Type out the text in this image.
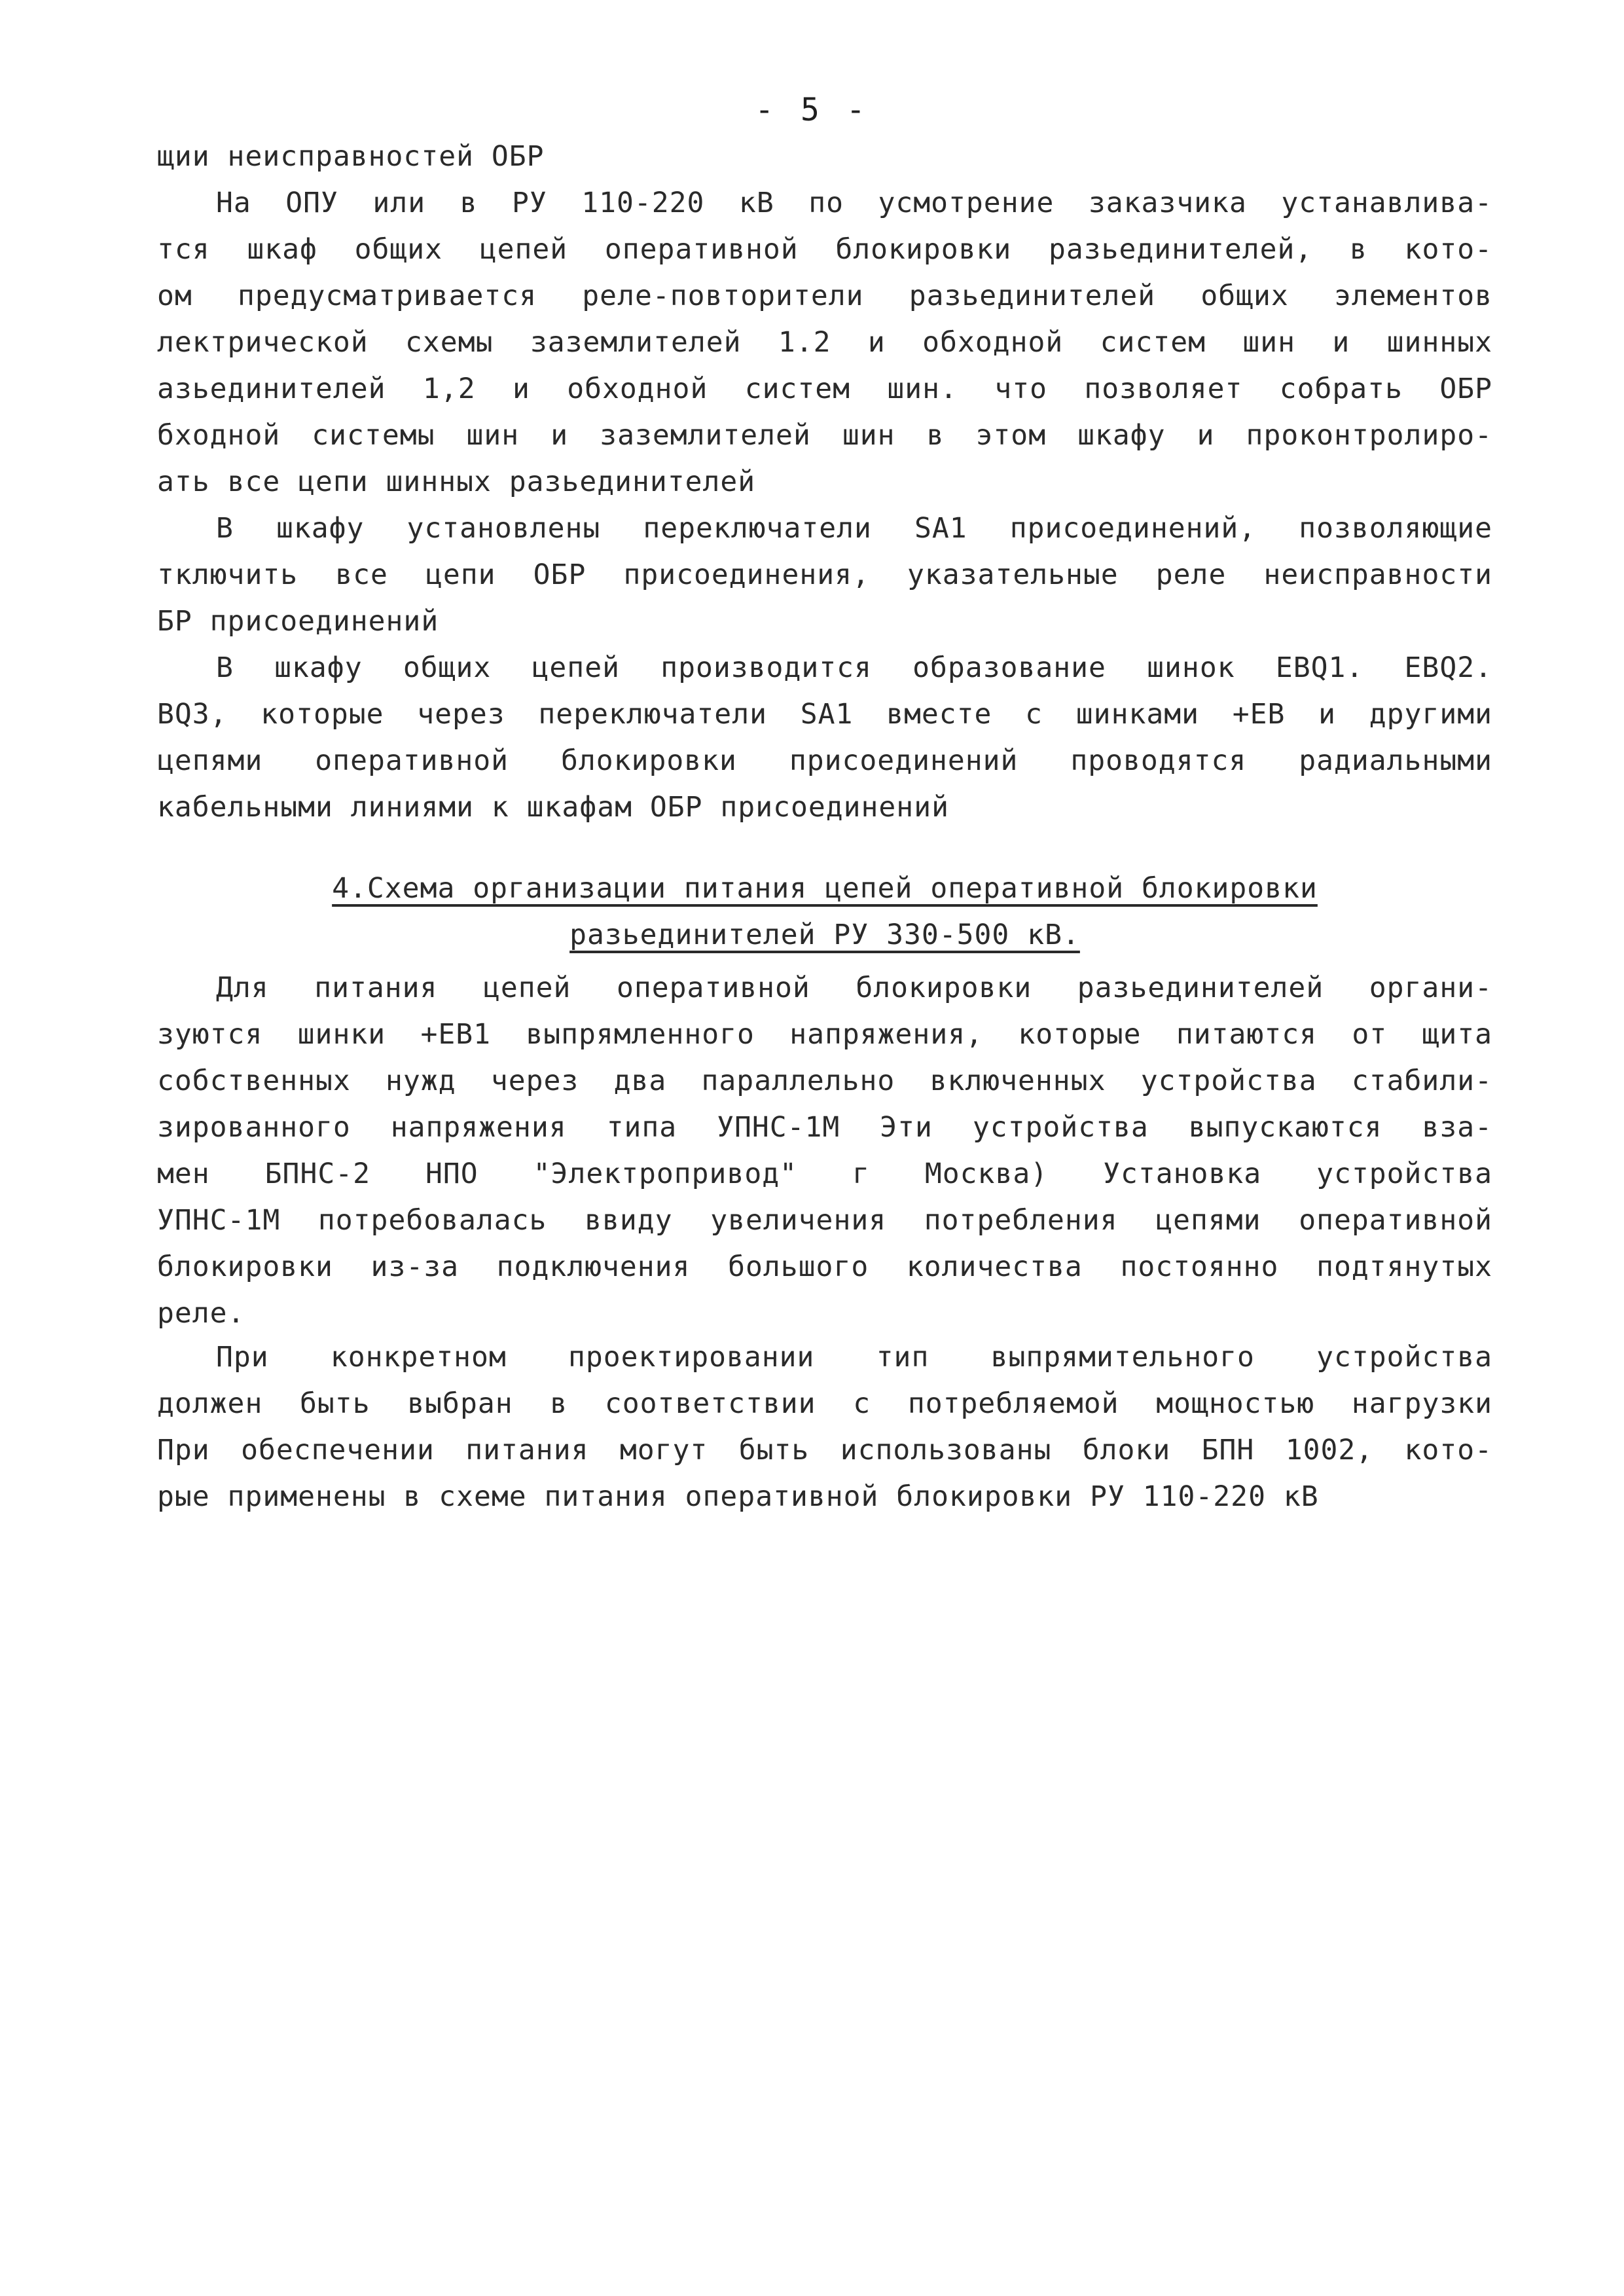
- 5 -
щии неисправностей ОБР
На ОПУ или в РУ 110-220 кВ по усмотрение заказчика устанавлива-
тся шкаф общих цепей оперативной блокировки разьединителей, в кото-
ом предусматривается реле-повторители разьединителей общих элементов
лектрической схемы заземлителей 1.2 и обходной систем шин и шинных
азьединителей 1,2 и обходной систем шин. что позволяет собрать ОБР
бходной системы шин и заземлителей шин в этом шкафу и проконтролиро-
ать все цепи шинных разьединителей
В шкафу установлены переключатели SA1 присоединений, позволяющие
тключить все цепи ОБР присоединения, указательные реле неисправности
БР присоединений
В шкафу общих цепей производится образование шинок EBQ1. EBQ2.
BQ3, которые через переключатели SA1 вместе с шинками +EB и другими
цепями оперативной блокировки присоединений проводятся радиальными
кабельными линиями к шкафам ОБР присоединений
4.Схема организации питания цепей оперативной блокировки
разьединителей РУ 330-500 кВ.
Для питания цепей оперативной блокировки разьединителей органи-
зуются шинки +EB1 выпрямленного напряжения, которые питаются от щита
собственных нужд через два параллельно включенных устройства стабили-
зированного напряжения типа УПНС-1М Эти устройства выпускаются вза-
мен БПНС-2 НПО "Электропривод" г Москва) Установка устройства
УПНС-1М потребовалась ввиду увеличения потребления цепями оперативной
блокировки из-за подключения большого количества постоянно подтянутых
реле.
При конкретном проектировании тип выпрямительного устройства
должен быть выбран в соответствии с потребляемой мощностью нагрузки
При обеспечении питания могут быть использованы блоки БПН 1002, кото-
рые применены в схеме питания оперативной блокировки РУ 110-220 кВ
